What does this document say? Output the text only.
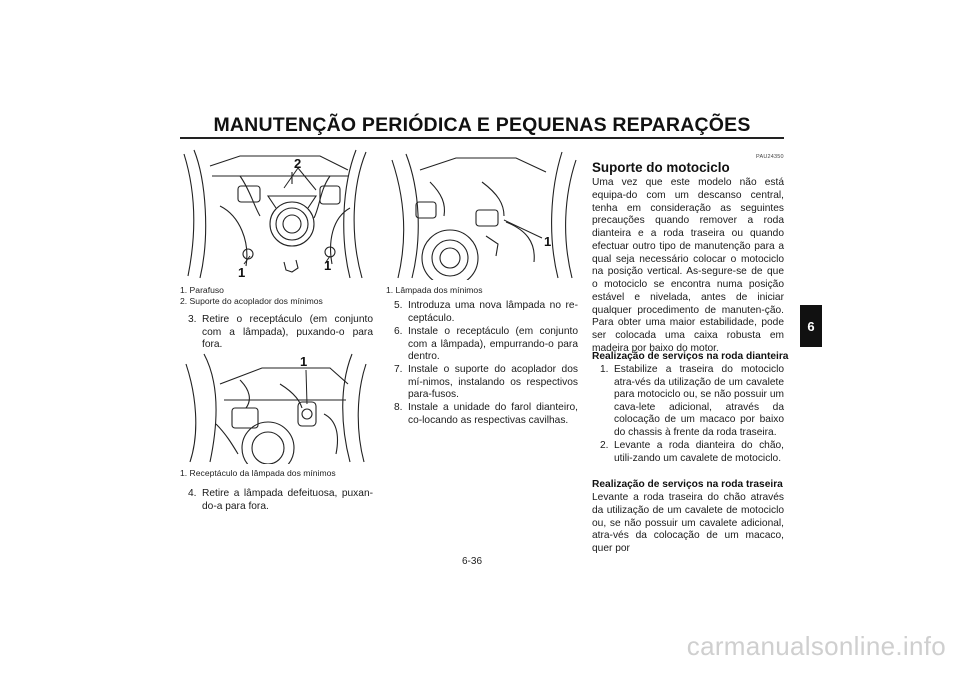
MANUTENÇÃO PERIÓDICA E PEQUENAS REPARAÇÕES
2
1	1
1. Parafuso
2. Suporte do acoplador dos mínimos
3. Retire o receptáculo (em conjunto com a lâmpada), puxando-o para fora.
1
1. Receptáculo da lâmpada dos mínimos
4. Retire a lâmpada defeituosa, puxan-do-a para fora.
1
1. Lâmpada dos mínimos
5. Introduza uma nova lâmpada no re-ceptáculo.
6. Instale o receptáculo (em conjunto com a lâmpada), empurrando-o para dentro.
7. Instale o suporte do acoplador dos mí-nimos, instalando os respectivos para-fusos.
8. Instale a unidade do farol dianteiro, co-locando as respectivas cavilhas.
PAU24350
Suporte do motociclo
Uma vez que este modelo não está equipa-do com um descanso central, tenha em consideração as seguintes precauções quando remover a roda dianteira e a roda traseira ou quando efectuar outro tipo de manutenção para a qual seja necessário colocar o motociclo na posição vertical. As-segure-se de que o motociclo se encontra numa posição estável e nivelada, antes de iniciar qualquer procedimento de manuten-ção. Para obter uma maior estabilidade, pode ser colocada uma caixa robusta em madeira por baixo do motor.
Realização de serviços na roda dianteira
1. Estabilize a traseira do motociclo atra-vés da utilização de um cavalete para motociclo ou, se não possuir um cava-lete adicional, através da colocação de um macaco por baixo do chassis à frente da roda traseira.
2. Levante a roda dianteira do chão, utili-zando um cavalete de motociclo.
Realização de serviços na roda traseira
Levante a roda traseira do chão através da utilização de um cavalete de motociclo ou, se não possuir um cavalete adicional, atra-vés da colocação de um macaco, quer por
6
6-36
carmanualsonline.info
